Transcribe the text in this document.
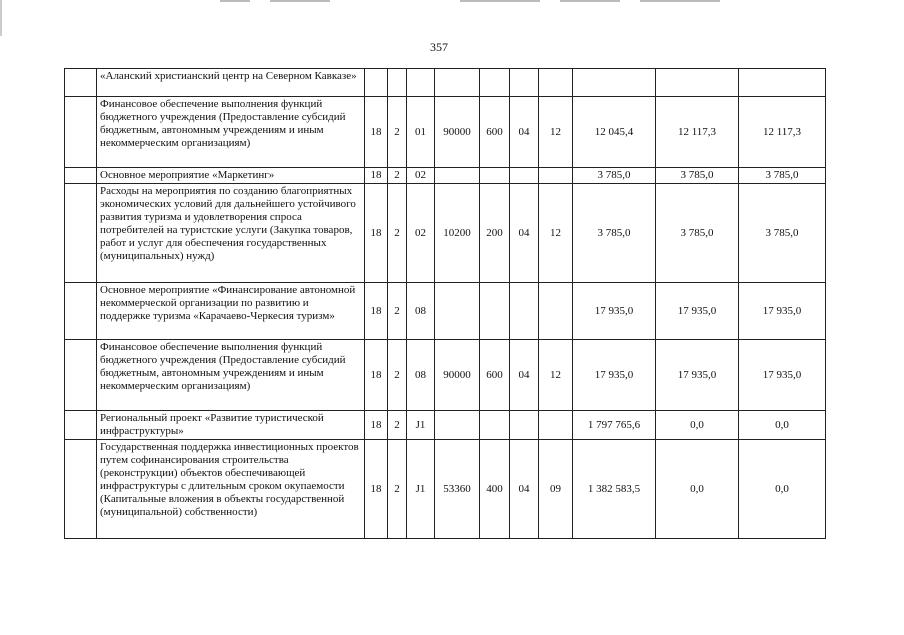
357
	«Аланский христианский центр на Северном Кавказе»										
	Финансовое обеспечение выполнения функций бюджетного учреждения (Предоставление субсидий бюджетным, автономным учреждениям и иным некоммерческим организациям)	18	2	01	90000	600	04	12	12 045,4	12 117,3	12 117,3
	Основное мероприятие «Маркетинг»	18	2	02					3 785,0	3 785,0	3 785,0
	Расходы на мероприятия по созданию благоприятных экономических условий для дальнейшего устойчивого развития туризма и удовлетворения спроса потребителей на туристские услуги (Закупка товаров, работ и услуг для обеспечения государственных (муниципальных) нужд)	18	2	02	10200	200	04	12	3 785,0	3 785,0	3 785,0
	Основное мероприятие «Финансирование автономной некоммерческой организации по развитию и поддержке туризма «Карачаево-Черкесия туризм»	18	2	08					17 935,0	17 935,0	17 935,0
	Финансовое обеспечение выполнения функций бюджетного учреждения (Предоставление субсидий бюджетным, автономным учреждениям и иным некоммерческим организациям)	18	2	08	90000	600	04	12	17 935,0	17 935,0	17 935,0
	Региональный проект «Развитие туристической инфраструктуры»	18	2	J1					1 797 765,6	0,0	0,0
	Государственная поддержка инвестиционных проектов путем софинансирования строительства (реконструкции) объектов обеспечивающей инфраструктуры с длительным сроком окупаемости (Капитальные вложения в объекты государственной (муниципальной) собственности)	18	2	J1	53360	400	04	09	1 382 583,5	0,0	0,0
